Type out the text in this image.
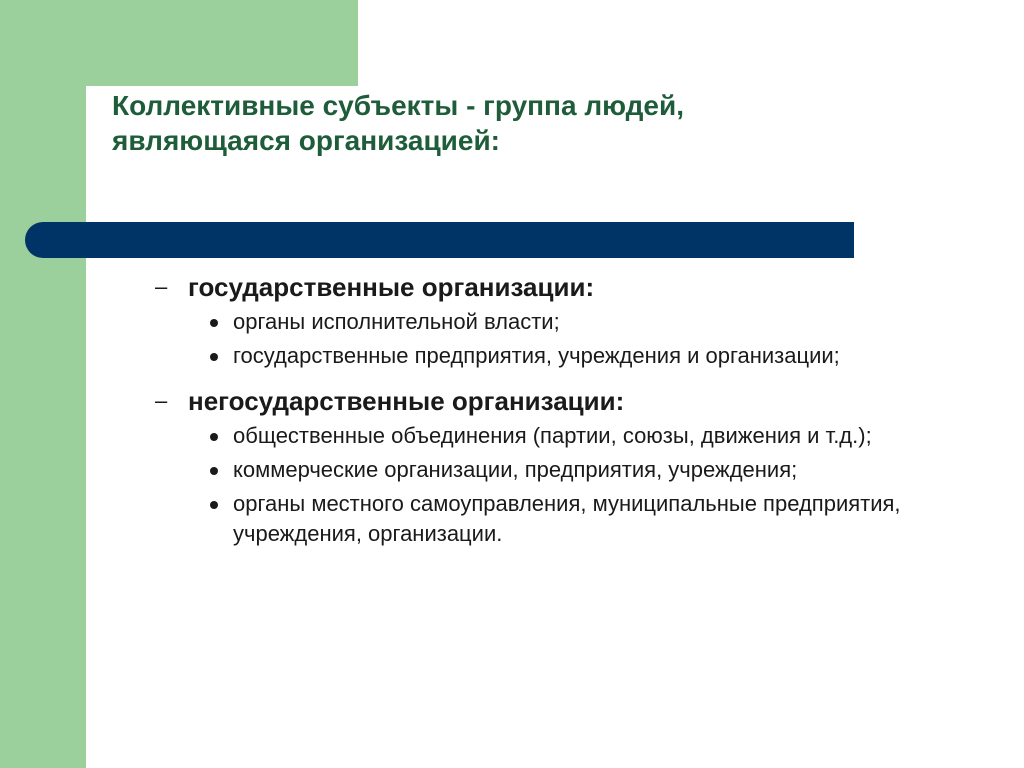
Коллективные субъекты - группа людей,
являющаяся организацией:

– государственные организации:

органы исполнительной власти;

государственные предприятия, учреждения и организации;

– негосударственные организации:

общественные объединения (партии, союзы, движения и т.д.);

коммерческие организации, предприятия, учреждения;

органы местного самоуправления, муниципальные предприятия, учреждения, организации.
